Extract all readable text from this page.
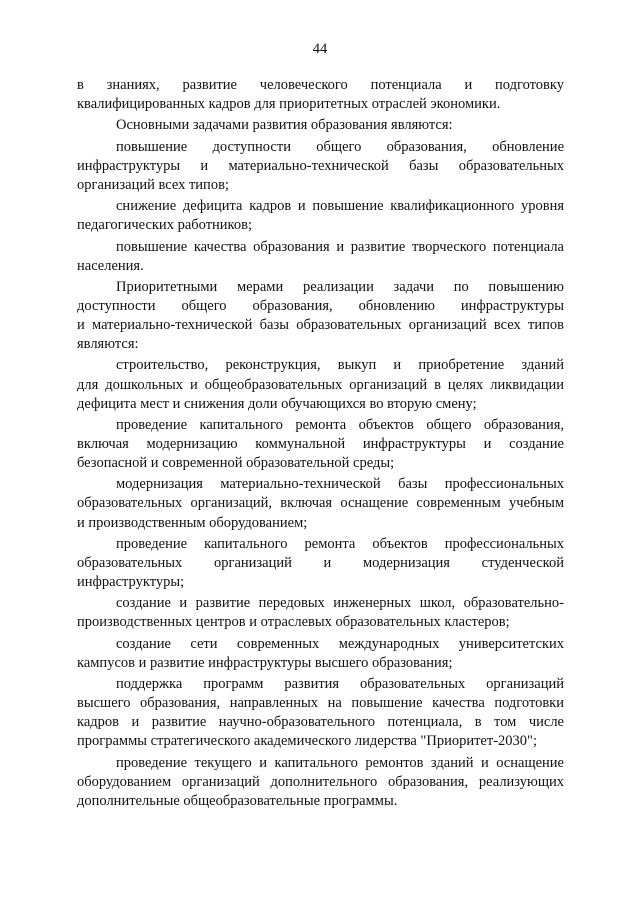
44
в знаниях, развитие человеческого потенциала и подготовку
квалифицированных кадров для приоритетных отраслей экономики.
Основными задачами развития образования являются:
повышение доступности общего образования, обновление
инфраструктуры и материально-технической базы образовательных
организаций всех типов;
снижение дефицита кадров и повышение квалификационного уровня
педагогических работников;
повышение качества образования и развитие творческого потенциала
населения.
Приоритетными мерами реализации задачи по повышению
доступности общего образования, обновлению инфраструктуры
и материально-технической базы образовательных организаций всех типов
являются:
строительство, реконструкция, выкуп и приобретение зданий
для дошкольных и общеобразовательных организаций в целях ликвидации
дефицита мест и снижения доли обучающихся во вторую смену;
проведение капитального ремонта объектов общего образования,
включая модернизацию коммунальной инфраструктуры и создание
безопасной и современной образовательной среды;
модернизация материально-технической базы профессиональных
образовательных организаций, включая оснащение современным учебным
и производственным оборудованием;
проведение капитального ремонта объектов профессиональных
образовательных организаций и модернизация студенческой
инфраструктуры;
создание и развитие передовых инженерных школ, образовательно-
производственных центров и отраслевых образовательных кластеров;
создание сети современных международных университетских
кампусов и развитие инфраструктуры высшего образования;
поддержка программ развития образовательных организаций
высшего образования, направленных на повышение качества подготовки
кадров и развитие научно-образовательного потенциала, в том числе
программы стратегического академического лидерства "Приоритет-2030";
проведение текущего и капитального ремонтов зданий и оснащение
оборудованием организаций дополнительного образования, реализующих
дополнительные общеобразовательные программы.
